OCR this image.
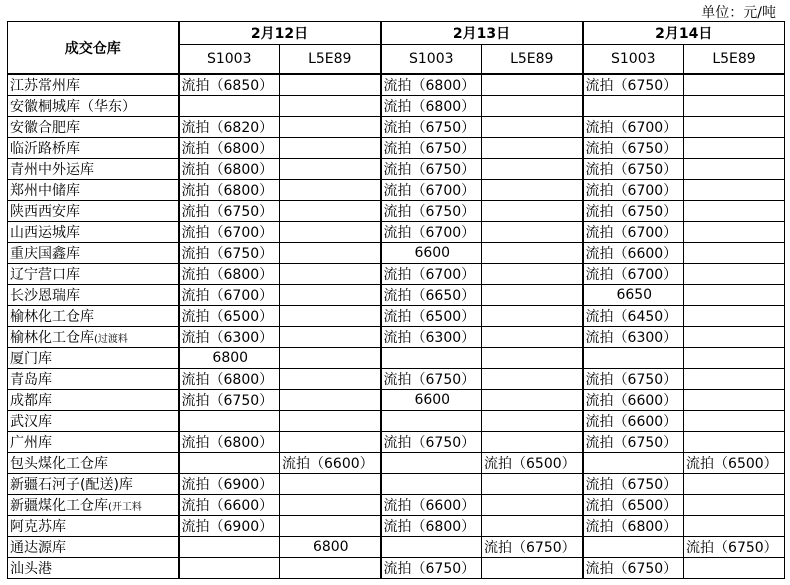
单位：元/吨
成交仓库	2月12日		2月13日		2月14日	
	S1003	L5E89	S1003	L5E89	S1003	L5E89
江苏常州库	流拍（6850）		流拍（6800）		流拍（6750）	
安徽桐城库（华东）			流拍（6800）			
安徽合肥库	流拍（6820）		流拍（6750）		流拍（6700）	
临沂路桥库	流拍（6800）		流拍（6750）		流拍（6750）	
青州中外运库	流拍（6800）		流拍（6750）		流拍（6750）	
郑州中储库	流拍（6800）		流拍（6700）		流拍（6700）	
陕西西安库	流拍（6750）		流拍（6750）		流拍（6750）	
山西运城库	流拍（6700）		流拍（6700）		流拍（6700）	
重庆国鑫库	流拍（6750）		6600		流拍（6600）	
辽宁营口库	流拍（6800）		流拍（6700）		流拍（6700）	
长沙恩瑞库	流拍（6700）		流拍（6650）		6650	
榆林化工仓库	流拍（6500）		流拍（6500）		流拍（6450）	
榆林化工仓库(过渡料	流拍（6300）		流拍（6300）		流拍（6300）	
厦门库	6800					
青岛库	流拍（6800）		流拍（6750）		流拍（6750）	
成都库	流拍（6750）		6600		流拍（6600）	
武汉库					流拍（6600）	
广州库	流拍（6800）		流拍（6750）		流拍（6750）	
包头煤化工仓库		流拍（6600）		流拍（6500）		流拍（6500）
新疆石河子(配送)库	流拍（6900）				流拍（6750）	
新疆煤化工仓库(开工料	流拍（6600）		流拍（6600）		流拍（6500）	
阿克苏库	流拍（6900）		流拍（6800）		流拍（6800）	
通达源库		6800		流拍（6750）		流拍（6750）
汕头港			流拍（6750）		流拍（6750）	
